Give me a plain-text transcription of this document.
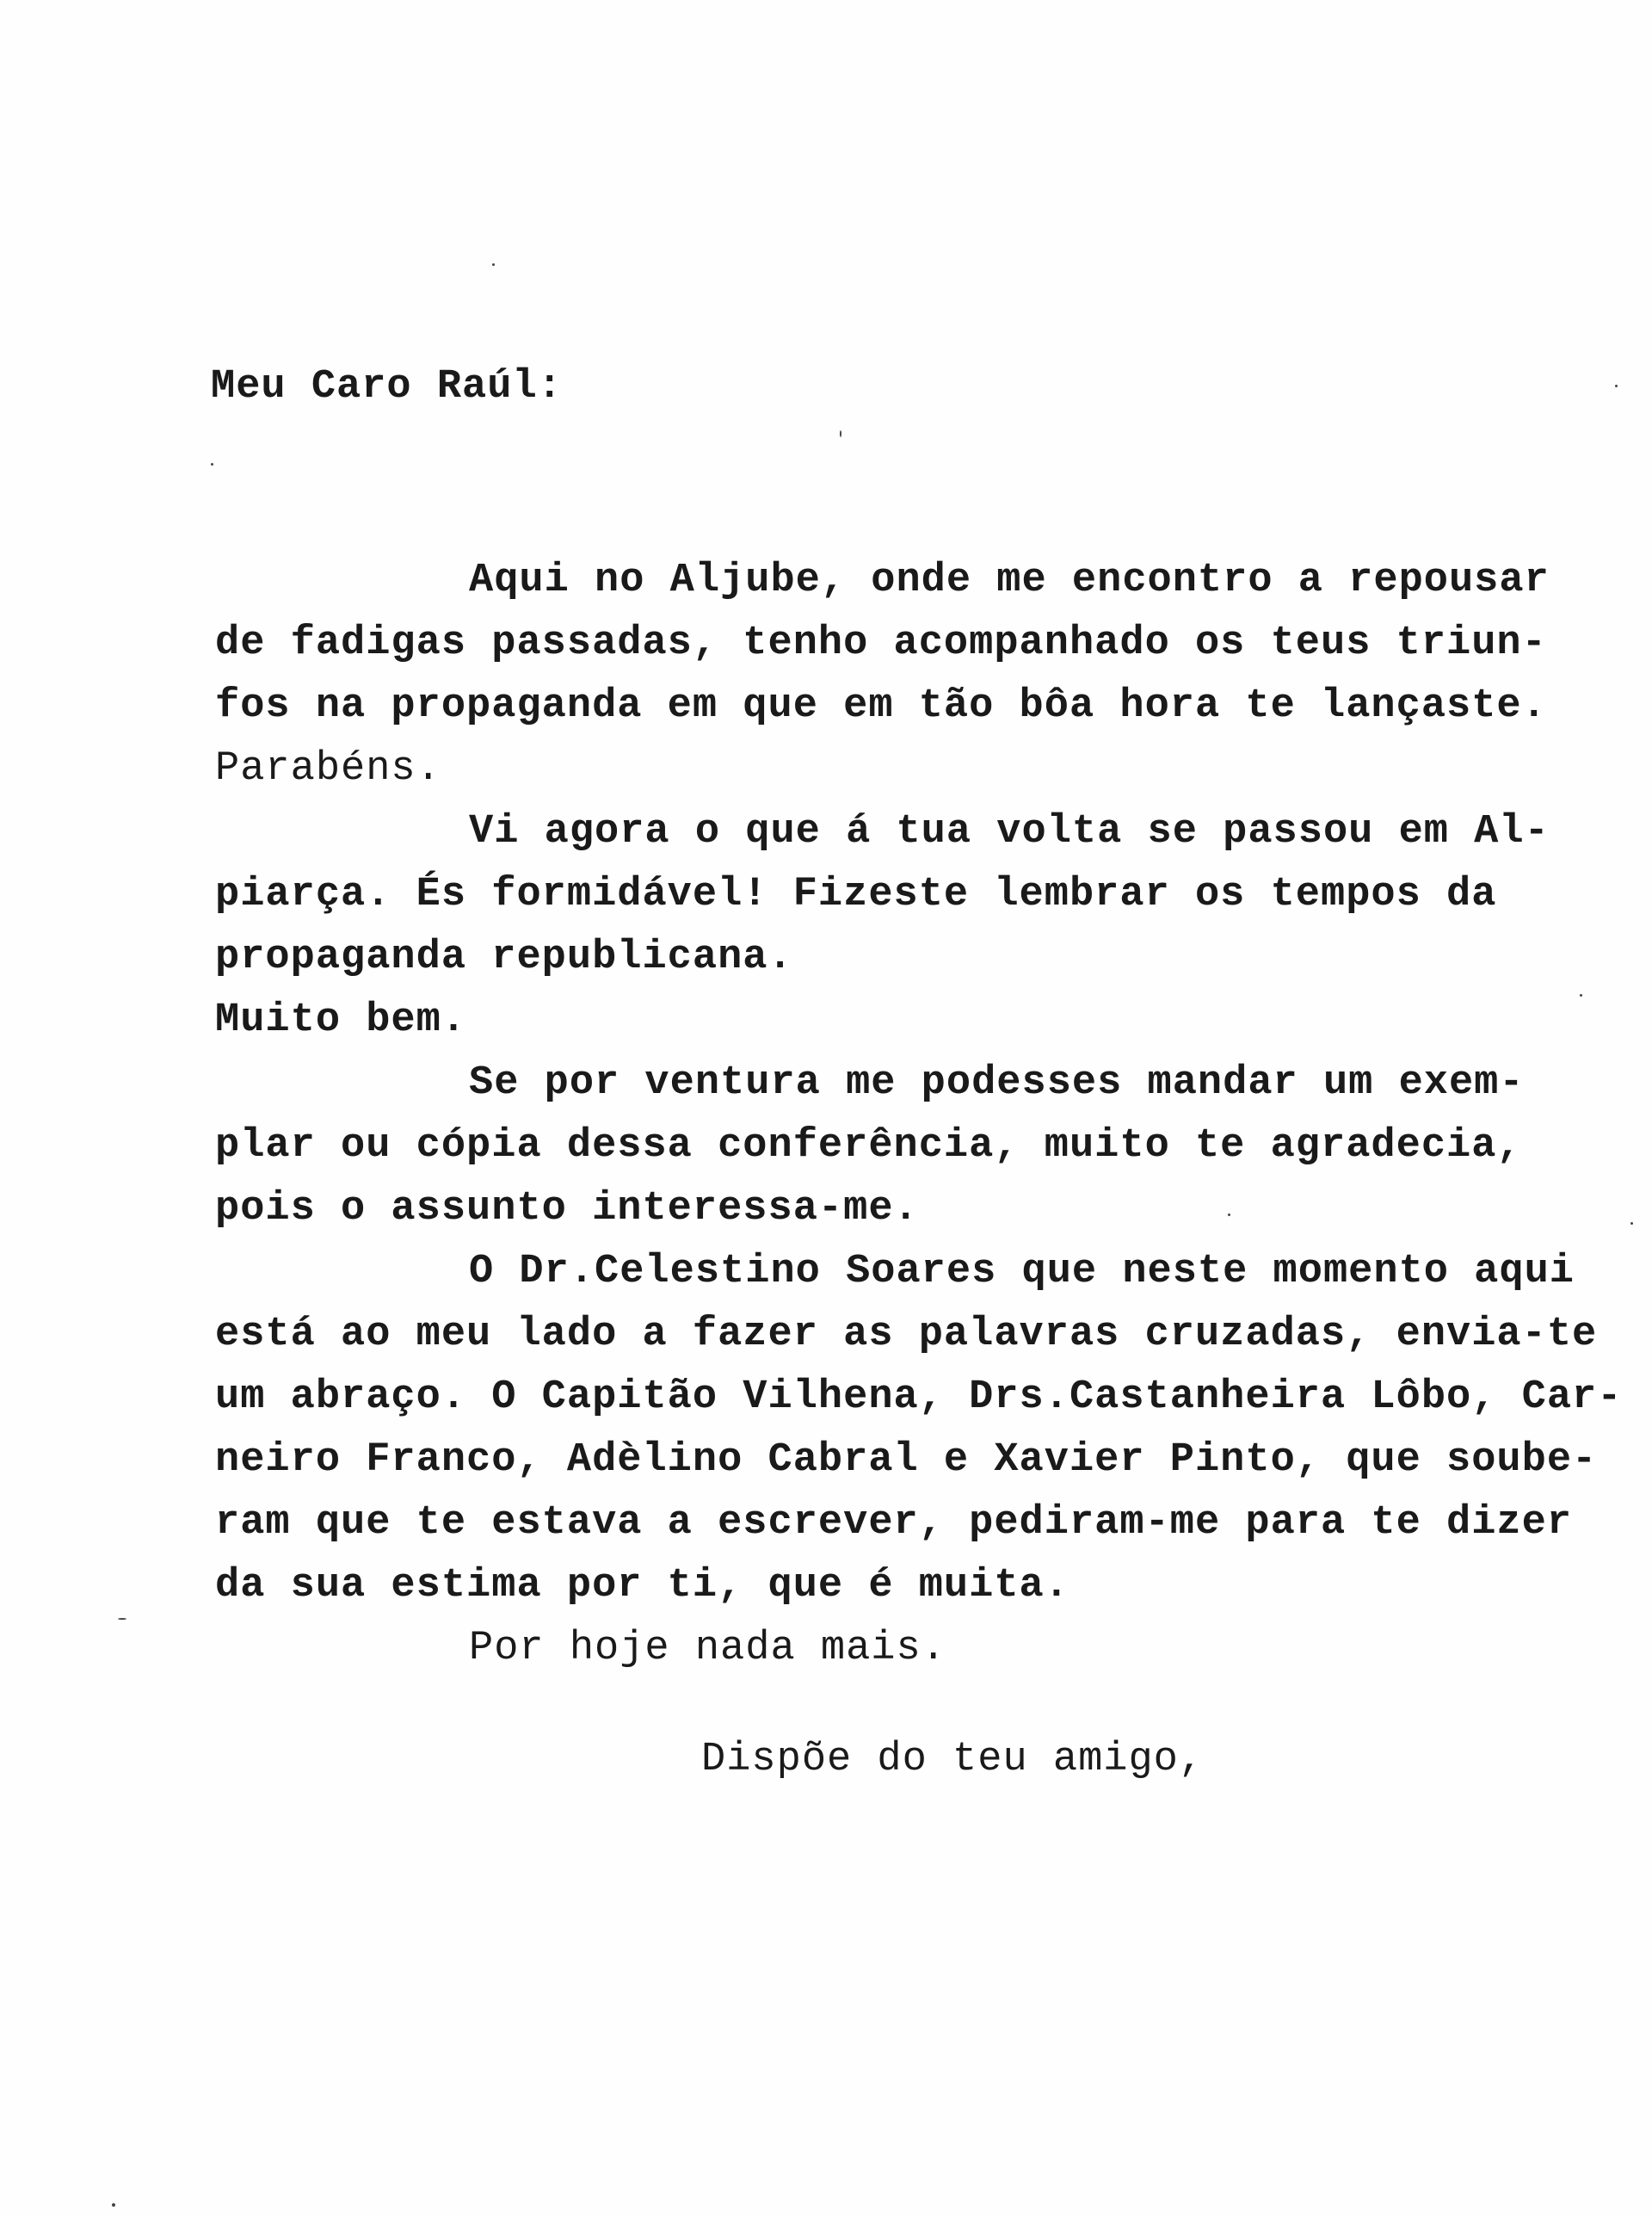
Meu Caro Raúl:
Aqui no Aljube, onde me encontro a repousar
de fadigas passadas, tenho acompanhado os teus triun-
fos na propaganda em que em tão bôa hora te lançaste.
Parabéns.
Vi agora o que á tua volta se passou em Al-
piarça. És formidável! Fizeste lembrar os tempos da
propaganda republicana.
Muito bem.
Se por ventura me podesses mandar um exem-
plar ou cópia dessa conferência, muito te agradecia,
pois o assunto interessa-me.
O Dr.Celestino Soares que neste momento aqui
está ao meu lado a fazer as palavras cruzadas, envia-te
um abraço. O Capitão Vilhena, Drs.Castanheira Lôbo, Car-
neiro Franco, Adèlino Cabral e Xavier Pinto, que soube-
ram que te estava a escrever, pediram-me para te dizer
da sua estima por ti, que é muita.
Por hoje nada mais.
Dispõe do teu amigo,
